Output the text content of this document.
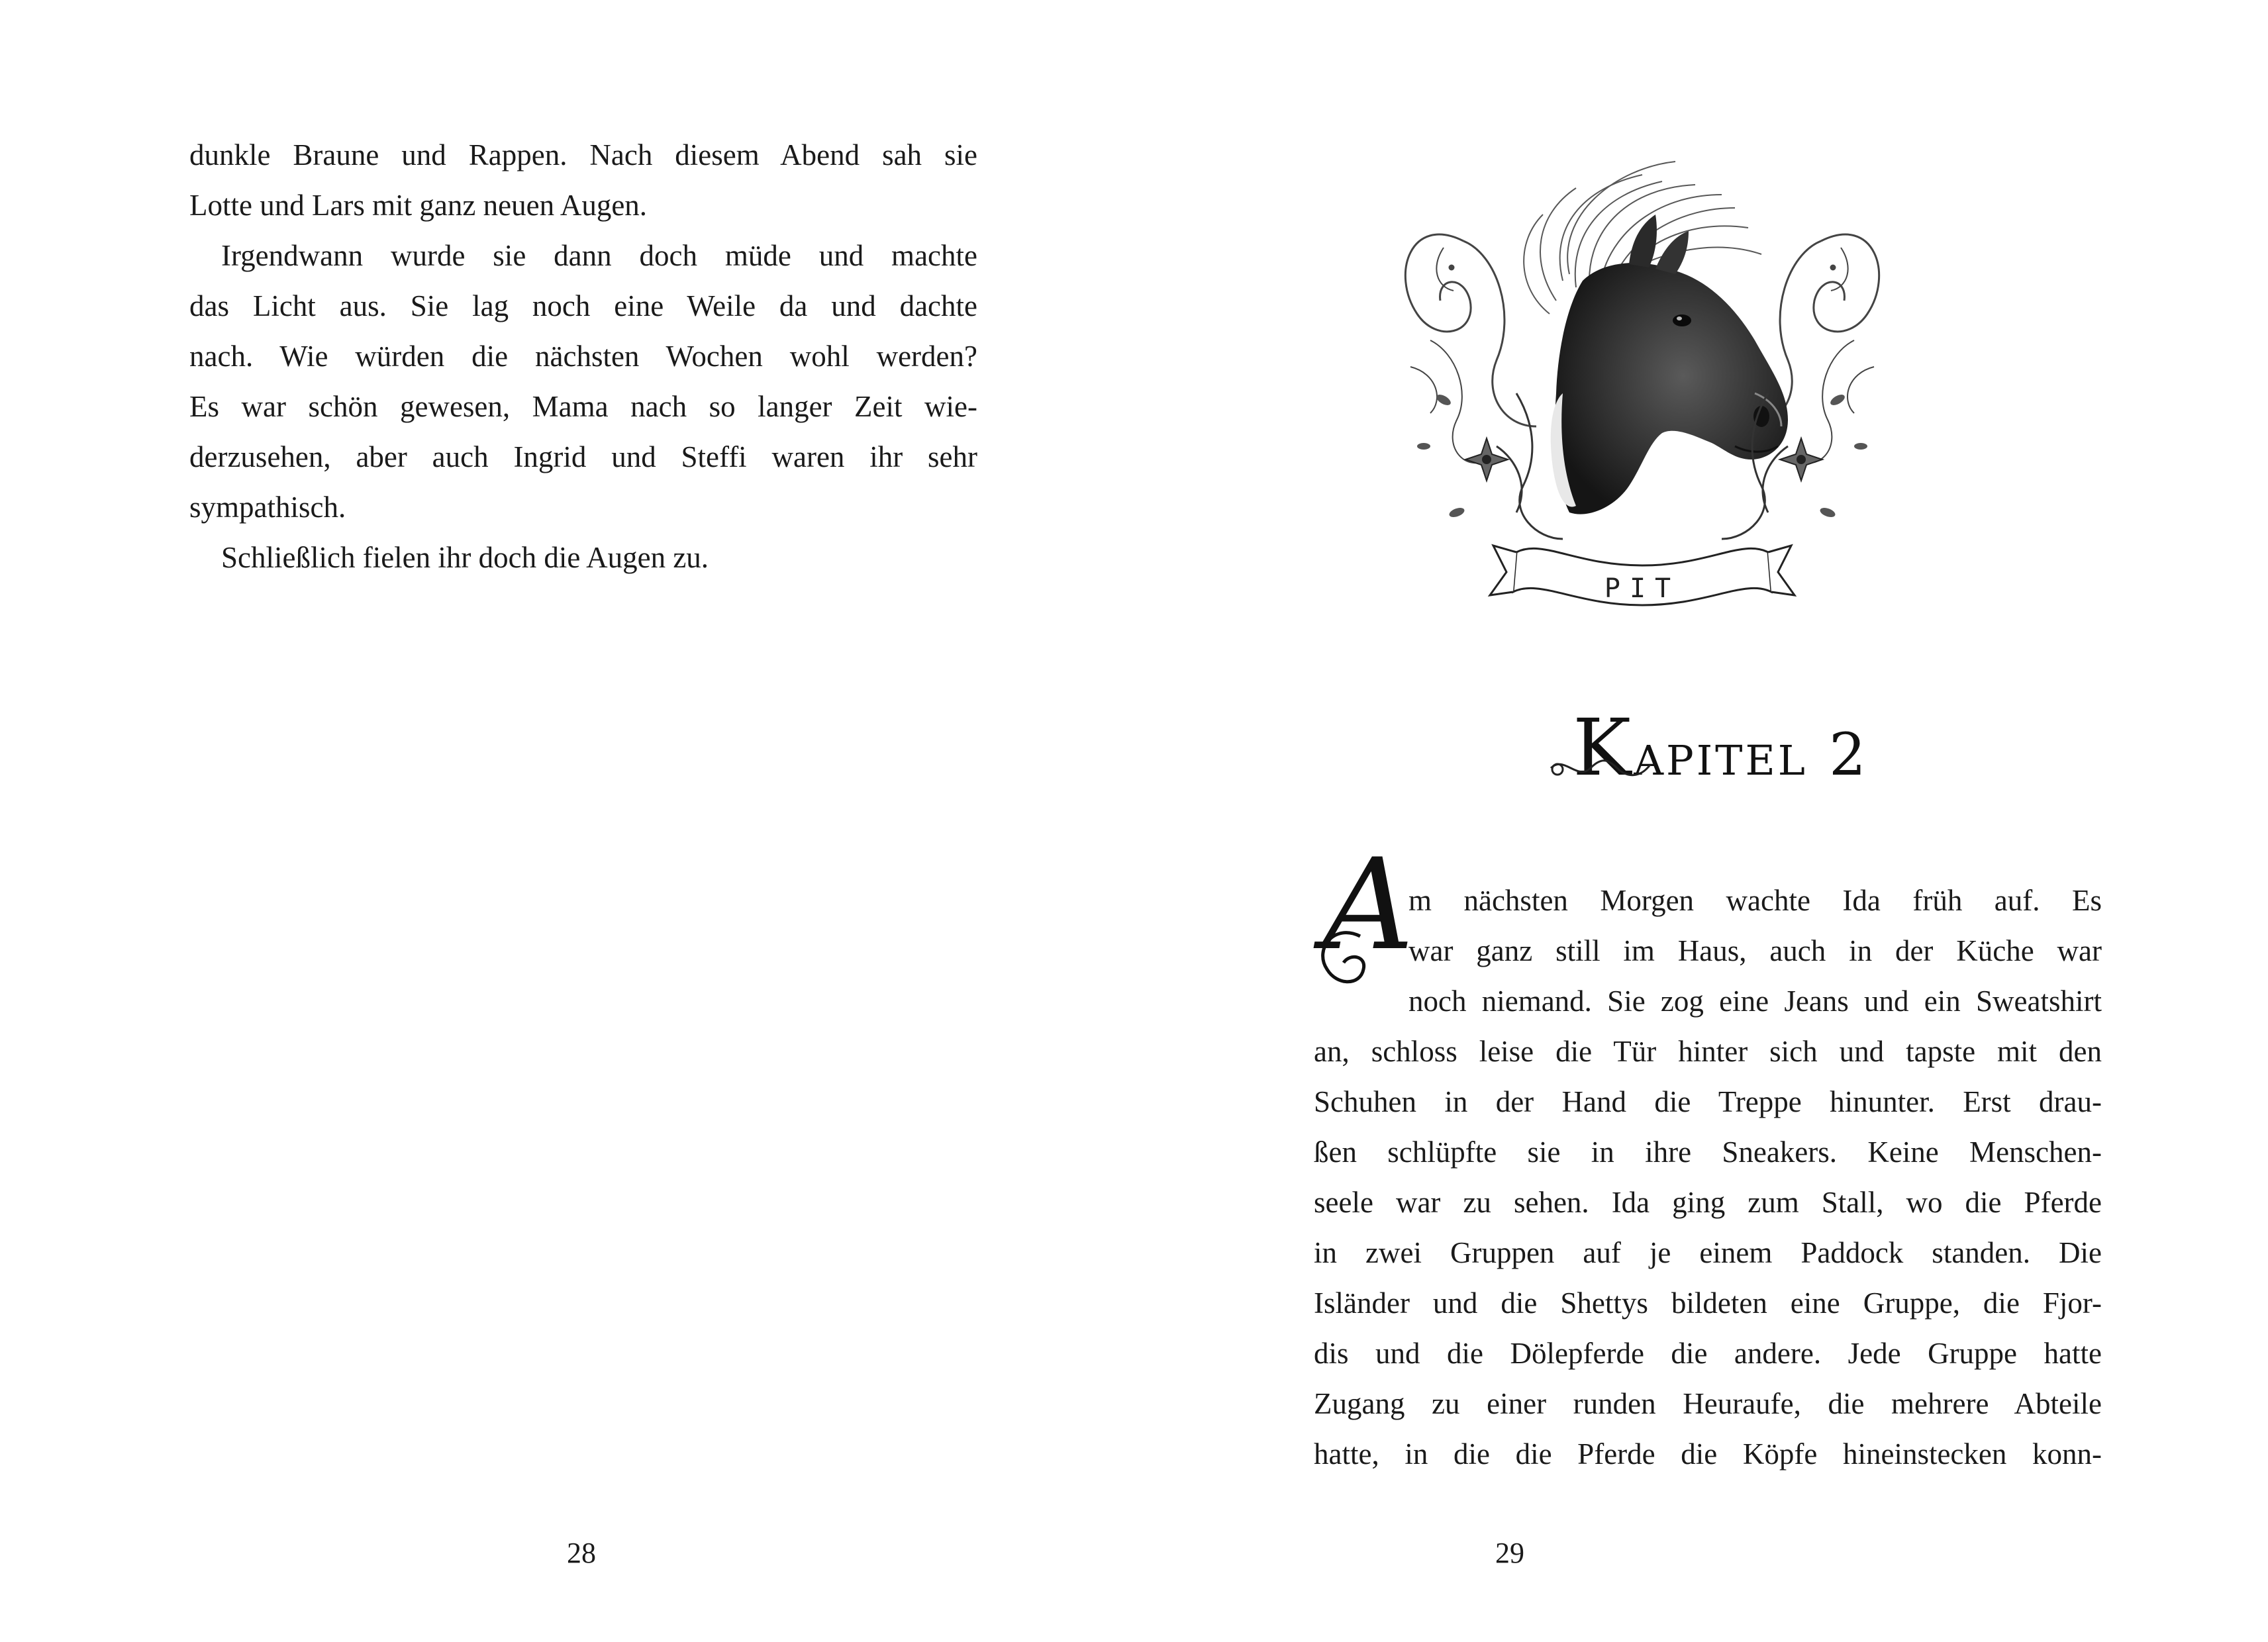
dunkle Braune und Rappen. Nach diesem Abend sah sie
Lotte und Lars mit ganz neuen Augen.

Irgendwann wurde sie dann doch müde und machte
das Licht aus. Sie lag noch eine Weile da und dachte
nach. Wie würden die nächsten Wochen wohl werden?
Es war schön gewesen, Mama nach so langer Zeit wie-
derzusehen, aber auch Ingrid und Steffi waren ihr sehr
sympathisch.

Schließlich fielen ihr doch die Augen zu.

28
PIT
Kapitel 2
A
m nächsten Morgen wachte Ida früh auf. Es
war ganz still im Haus, auch in der Küche war
noch niemand. Sie zog eine Jeans und ein Sweatshirt
an, schloss leise die Tür hinter sich und tapste mit den
Schuhen in der Hand die Treppe hinunter. Erst drau-
ßen schlüpfte sie in ihre Sneakers. Keine Menschen-
seele war zu sehen. Ida ging zum Stall, wo die Pferde
in zwei Gruppen auf je einem Paddock standen. Die
Isländer und die Shettys bildeten eine Gruppe, die Fjor-
dis und die Dölepferde die andere. Jede Gruppe hatte
Zugang zu einer runden Heuraufe, die mehrere Abteile
hatte, in die die Pferde die Köpfe hineinstecken konn-
29
